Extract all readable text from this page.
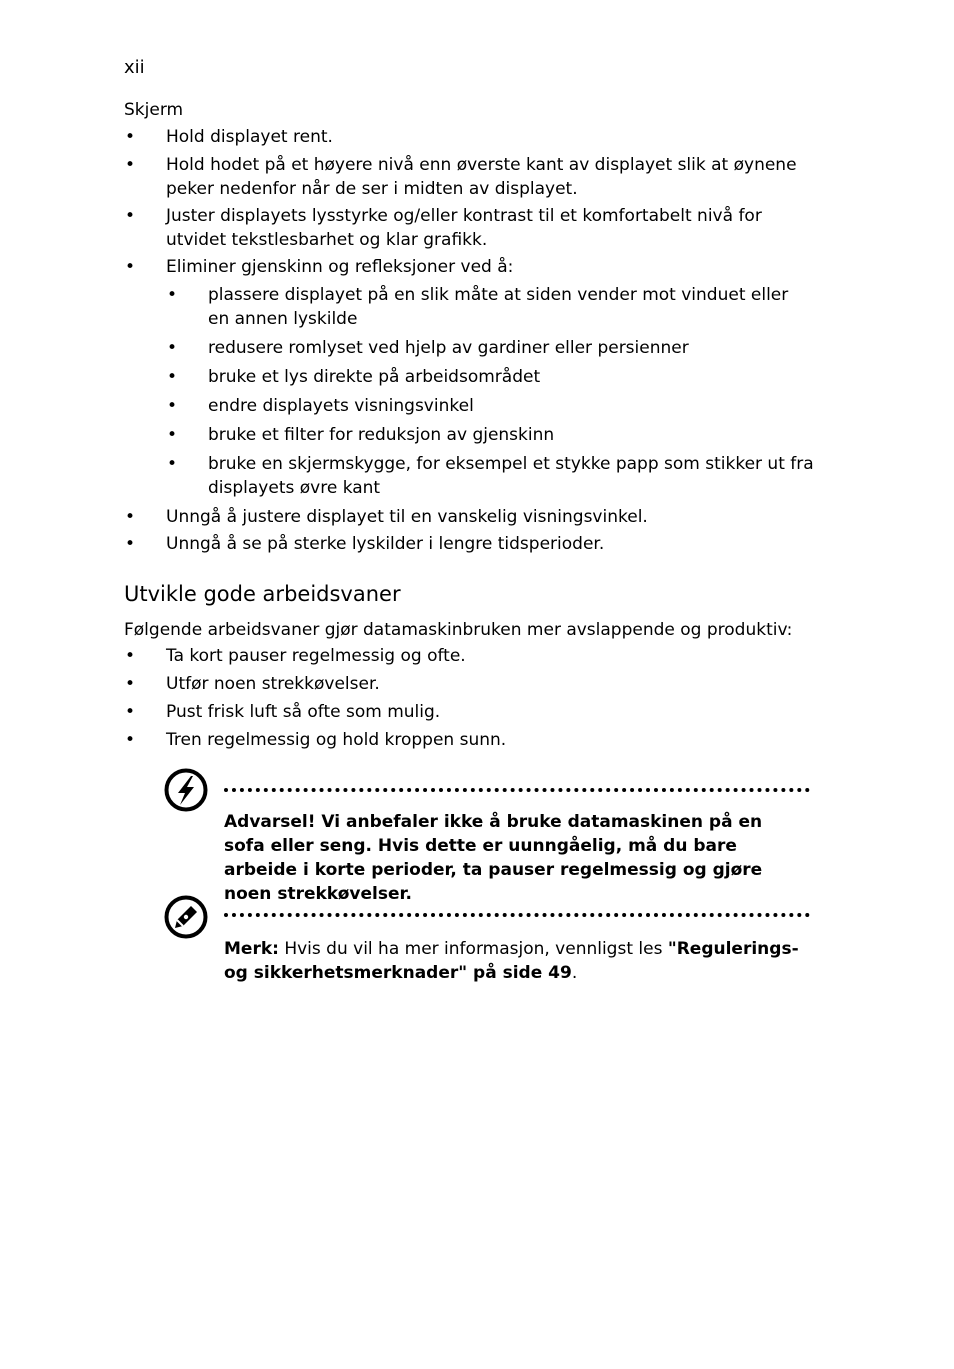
xii
Skjerm
• Hold displayet rent.
• Hold hodet på et høyere nivå enn øverste kant av displayet slik at øynene peker nedenfor når de ser i midten av displayet.
• Juster displayets lysstyrke og/eller kontrast til et komfortabelt nivå for utvidet tekstlesbarhet og klar grafikk.
• Eliminer gjenskinn og refleksjoner ved å:
• plassere displayet på en slik måte at siden vender mot vinduet eller en annen lyskilde
• redusere romlyset ved hjelp av gardiner eller persienner
• bruke et lys direkte på arbeidsområdet
• endre displayets visningsvinkel
• bruke et filter for reduksjon av gjenskinn
• bruke en skjermskygge, for eksempel et stykke papp som stikker ut fra displayets øvre kant
• Unngå å justere displayet til en vanskelig visningsvinkel.
• Unngå å se på sterke lyskilder i lengre tidsperioder.
Utvikle gode arbeidsvaner
Følgende arbeidsvaner gjør datamaskinbruken mer avslappende og produktiv:
• Ta kort pauser regelmessig og ofte.
• Utfør noen strekkøvelser.
• Pust frisk luft så ofte som mulig.
• Tren regelmessig og hold kroppen sunn.
Advarsel! Vi anbefaler ikke å bruke datamaskinen på en sofa eller seng. Hvis dette er uunngåelig, må du bare arbeide i korte perioder, ta pauser regelmessig og gjøre noen strekkøvelser.
Merk: Hvis du vil ha mer informasjon, vennligst les "Regulerings- og sikkerhetsmerknader" på side 49.
